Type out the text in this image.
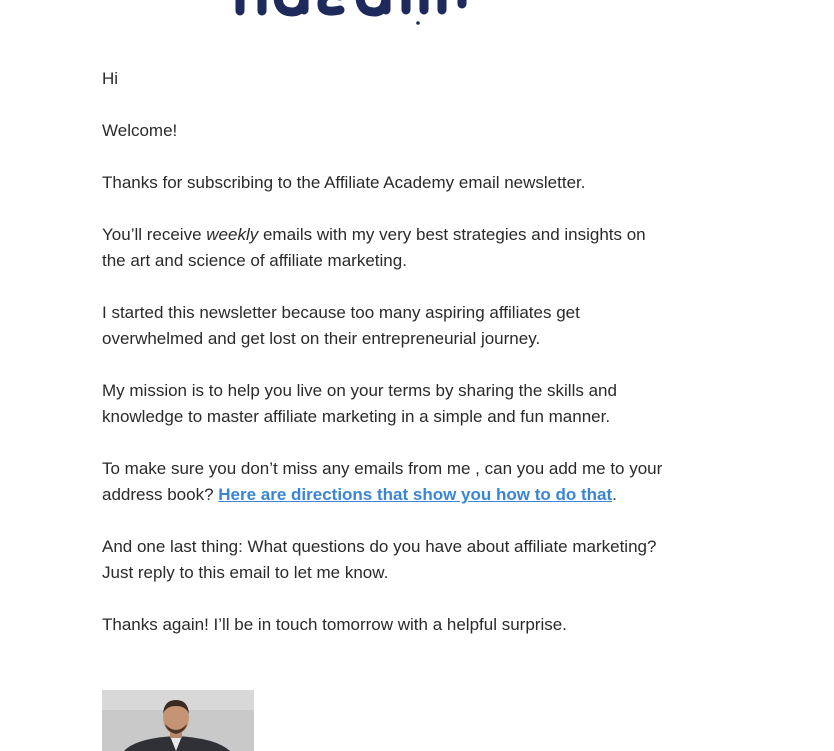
Hi

Welcome!

Thanks for subscribing to the Affiliate Academy email newsletter.

You’ll receive weekly emails with my very best strategies and insights on the art and science of affiliate marketing.

I started this newsletter because too many aspiring affiliates get overwhelmed and get lost on their entrepreneurial journey.

My mission is to help you live on your terms by sharing the skills and knowledge to master affiliate marketing in a simple and fun manner.

To make sure you don’t miss any emails from me , can you add me to your address book? Here are directions that show you how to do that.

And one last thing: What questions do you have about affiliate marketing? Just reply to this email to let me know.

Thanks again! I’ll be in touch tomorrow with a helpful surprise.
